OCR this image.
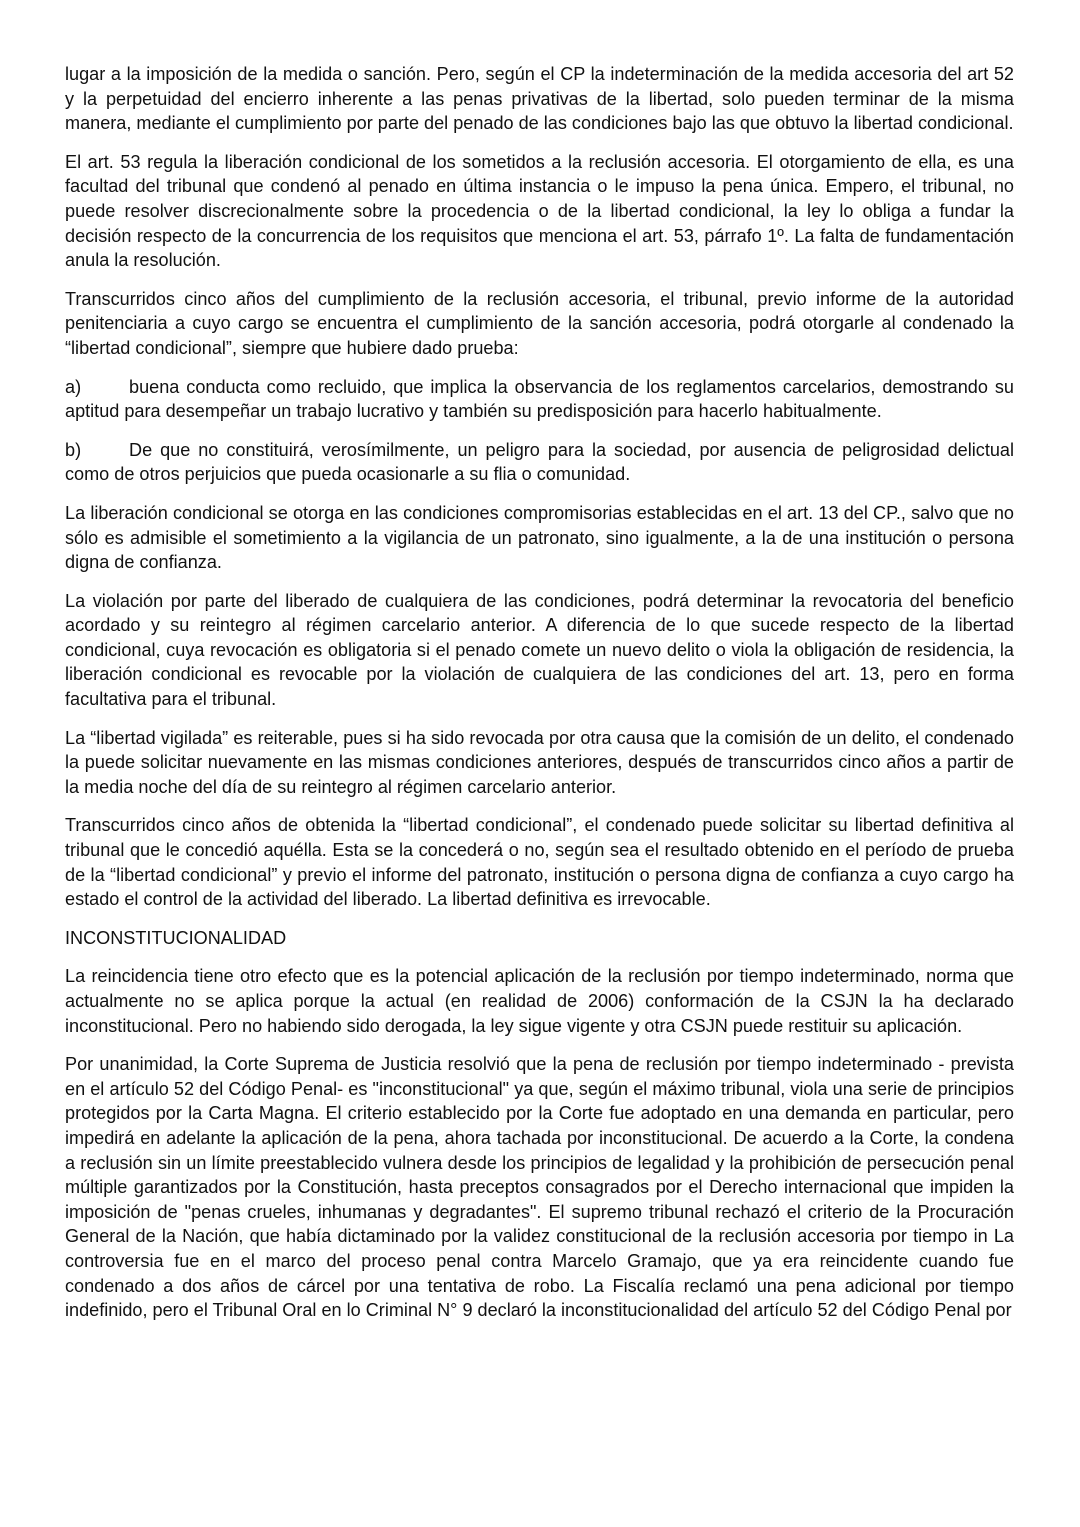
lugar a la imposición de la medida o sanción. Pero, según el CP la indeterminación de la medida accesoria del art 52 y la perpetuidad del encierro inherente a las penas privativas de la libertad, solo pueden terminar de la misma manera, mediante el cumplimiento por parte del penado de las condiciones bajo las que obtuvo la libertad condicional.

El art. 53 regula la liberación condicional de los sometidos a la reclusión accesoria. El otorgamiento de ella, es una facultad del tribunal que condenó al penado en última instancia o le impuso la pena única. Empero, el tribunal, no puede resolver discrecionalmente sobre la procedencia o de la libertad condicional, la ley lo obliga a fundar la decisión respecto de la concurrencia de los requisitos que menciona el art. 53, párrafo 1º. La falta de fundamentación anula la resolución.

Transcurridos cinco años del cumplimiento de la reclusión accesoria, el tribunal, previo informe de la autoridad penitenciaria a cuyo cargo se encuentra el cumplimiento de la sanción accesoria, podrá otorgarle al condenado la “libertad condicional”, siempre que hubiere dado prueba:

a)	buena conducta como recluido, que implica la observancia de los reglamentos carcelarios, demostrando su aptitud para desempeñar un trabajo lucrativo y también su predisposición para hacerlo habitualmente.

b)	De que no constituirá, verosímilmente, un peligro para la sociedad, por ausencia de peligrosidad delictual como de otros perjuicios que pueda ocasionarle a su flia o comunidad.

La liberación condicional se otorga en las condiciones compromisorias establecidas en el art. 13 del CP., salvo que no sólo es admisible el sometimiento a la vigilancia de un patronato, sino igualmente, a la de una institución o persona digna de confianza.

La violación por parte del liberado de cualquiera de las condiciones, podrá determinar la revocatoria del beneficio acordado y su reintegro al régimen carcelario anterior. A diferencia de lo que sucede respecto de la libertad condicional, cuya revocación es obligatoria si el penado comete un nuevo delito o viola la obligación de residencia, la liberación condicional es revocable por la violación de cualquiera de las condiciones del art. 13, pero en forma facultativa para el tribunal.

La “libertad vigilada” es reiterable, pues si ha sido revocada por otra causa que la comisión de un delito, el condenado la puede solicitar nuevamente en las mismas condiciones anteriores, después de transcurridos cinco años a partir de la media noche del día de su reintegro al régimen carcelario anterior.

Transcurridos cinco años de obtenida la “libertad condicional”, el condenado puede solicitar su libertad definitiva al tribunal que le concedió aquélla. Esta se la concederá o no, según sea el resultado obtenido en el período de prueba de la “libertad condicional” y previo el informe del patronato, institución o persona digna de confianza a cuyo cargo ha estado el control de la actividad del liberado. La libertad definitiva es irrevocable.

INCONSTITUCIONALIDAD

La reincidencia tiene otro efecto que es la potencial aplicación de la reclusión por tiempo indeterminado, norma que actualmente no se aplica porque la actual (en realidad de 2006) conformación de la CSJN la ha declarado inconstitucional. Pero no habiendo sido derogada, la ley sigue vigente y otra CSJN puede restituir su aplicación.

Por unanimidad, la Corte Suprema de Justicia resolvió que la pena de reclusión por tiempo indeterminado - prevista en el artículo 52 del Código Penal- es "inconstitucional" ya que, según el máximo tribunal, viola una serie de principios protegidos por la Carta Magna. El criterio establecido por la Corte fue adoptado en una demanda en particular, pero impedirá en adelante la aplicación de la pena, ahora tachada por inconstitucional. De acuerdo a la Corte, la condena a reclusión sin un límite preestablecido vulnera desde los principios de legalidad y la prohibición de persecución penal múltiple garantizados por la Constitución, hasta preceptos consagrados por el Derecho internacional que impiden la imposición de "penas crueles, inhumanas y degradantes". El supremo tribunal rechazó el criterio de la Procuración General de la Nación, que había dictaminado por la validez constitucional de la reclusión accesoria por tiempo in La controversia fue en el marco del proceso penal contra Marcelo Gramajo, que ya era reincidente cuando fue condenado a dos años de cárcel por una tentativa de robo. La Fiscalía reclamó una pena adicional por tiempo indefinido, pero el Tribunal Oral en lo Criminal N° 9 declaró la inconstitucionalidad del artículo 52 del Código Penal por
